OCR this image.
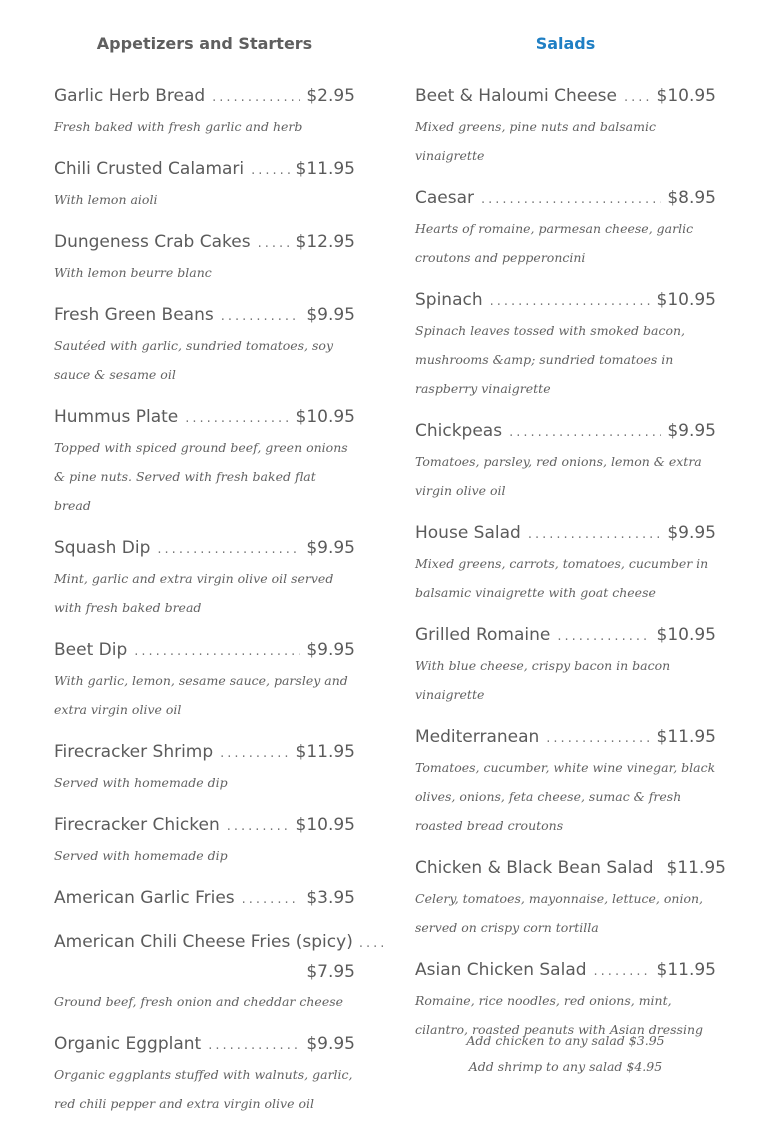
Appetizers and Starters
Garlic Herb Bread .....	$2.95
Fresh baked with fresh garlic and herb
Chili Crusted Calamari .....	$11.95
With lemon aioli
Dungeness Crab Cakes .....	$12.95
With lemon beurre blanc
Fresh Green Beans .....	$9.95
Sautéed with garlic, sundried tomatoes, soy sauce & sesame oil
Hummus Plate .....	$10.95
Topped with spiced ground beef, green onions & pine nuts. Served with fresh baked flat bread
Squash Dip .....	$9.95
Mint, garlic and extra virgin olive oil served with fresh baked bread
Beet Dip .....	$9.95
With garlic, lemon, sesame sauce, parsley and extra virgin olive oil
Firecracker Shrimp .....	$11.95
Served with homemade dip
Firecracker Chicken .....	$10.95
Served with homemade dip
American Garlic Fries .....	$3.95
American Chili Cheese Fries (spicy) ....
$7.95
Ground beef, fresh onion and cheddar cheese
Organic Eggplant .....	$9.95
Organic eggplants stuffed with walnuts, garlic, red chili pepper and extra virgin olive oil
Salads
Beet & Haloumi Cheese ..... $10.95
Mixed greens, pine nuts and balsamic vinaigrette
Caesar .....	$8.95
Hearts of romaine, parmesan cheese, garlic croutons and pepperoncini
Spinach .....	$10.95
Spinach leaves tossed with smoked bacon, mushrooms &amp; sundried tomatoes in raspberry vinaigrette
Chickpeas .....	$9.95
Tomatoes, parsley, red onions, lemon & extra virgin olive oil
House Salad .....	$9.95
Mixed greens, carrots, tomatoes, cucumber in balsamic vinaigrette with goat cheese
Grilled Romaine .....	$10.95
With blue cheese, crispy bacon in bacon vinaigrette
Mediterranean .....	$11.95
Tomatoes, cucumber, white wine vinegar, black olives, onions, feta cheese, sumac & fresh roasted bread croutons
Chicken & Black Bean Salad $11.95
Celery, tomatoes, mayonnaise, lettuce, onion, served on crispy corn tortilla
Asian Chicken Salad .....	$11.95
Romaine, rice noodles, red onions, mint, cilantro, roasted peanuts with Asian dressing
Add chicken to any salad $3.95
Add shrimp to any salad $4.95
